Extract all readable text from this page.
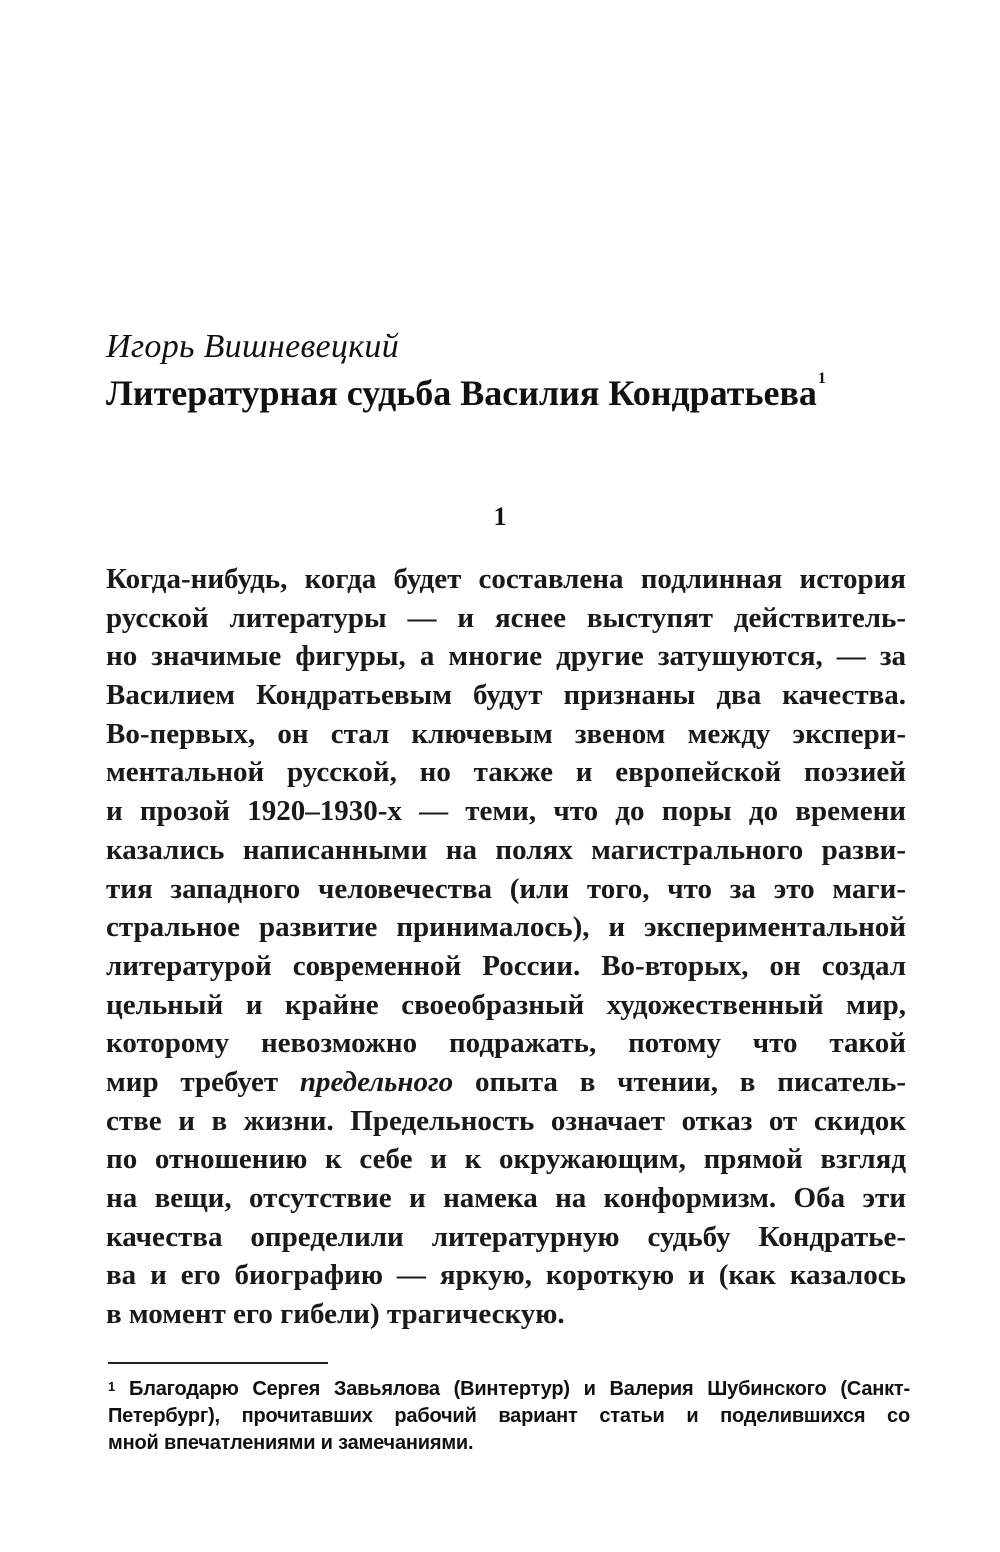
Игорь Вишневецкий
Литературная судьба Василия Кондратьева$^1$
1
Когда-нибудь, когда будет составлена подлинная история
русской литературы — и яснее выступят действитель-
но значимые фигуры, а многие другие затушуются, — за
Василием Кондратьевым будут признаны два качества.
Во-первых, он стал ключевым звеном между экспери-
ментальной русской, но также и европейской поэзией
и прозой 1920–1930-х — теми, что до поры до времени
казались написанными на полях магистрального разви-
тия западного человечества (или того, что за это маги-
стральное развитие принималось), и экспериментальной
литературой современной России. Во-вторых, он создал
цельный и крайне своеобразный художественный мир,
которому невозможно подражать, потому что такой
мир требует предельного опыта в чтении, в писатель-
стве и в жизни. Предельность означает отказ от скидок
по отношению к себе и к окружающим, прямой взгляд
на вещи, отсутствие и намека на конформизм. Оба эти
качества определили литературную судьбу Кондратье-
ва и его биографию — яркую, короткую и (как казалось
в момент его гибели) трагическую.
$^1$ Благодарю Сергея Завьялова (Винтертур) и Валерия Шубинского (Санкт-
Петербург), прочитавших рабочий вариант статьи и поделившихся со
мной впечатлениями и замечаниями.
